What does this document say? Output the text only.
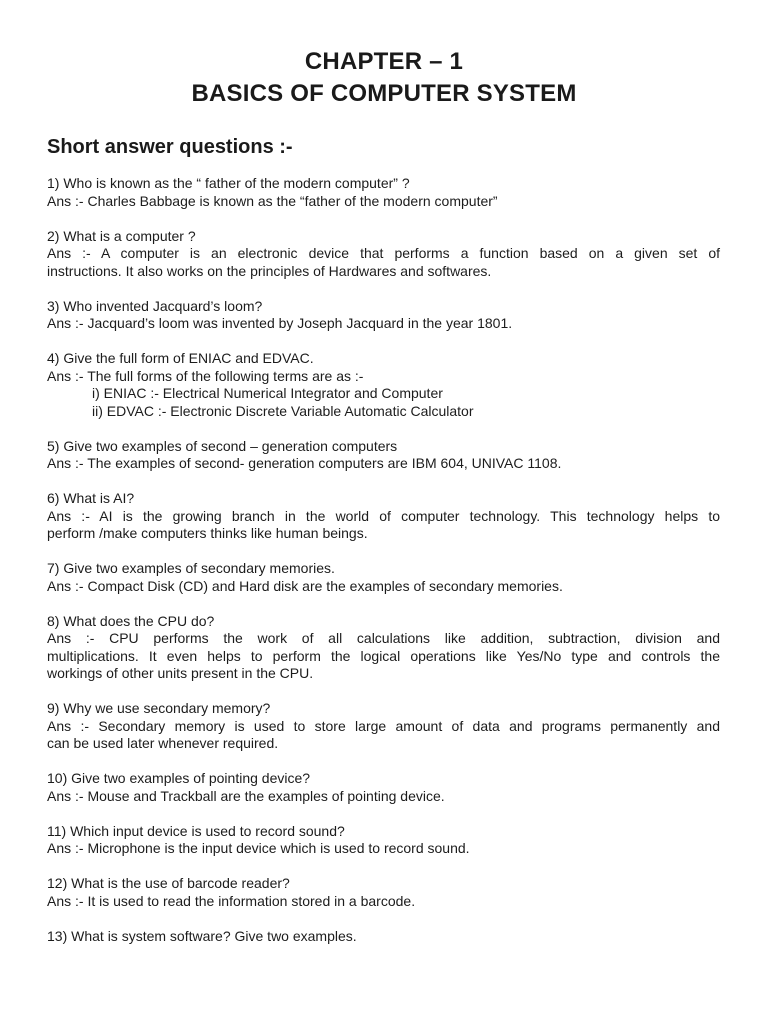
CHAPTER – 1
BASICS OF COMPUTER SYSTEM
Short answer questions :-
1) Who is known as the “ father of the modern computer” ?
Ans :- Charles Babbage is known as the “father of the modern computer”
2) What is a computer ?
Ans :- A computer is an electronic device that performs a function based on a given set of
instructions. It also works on the principles of Hardwares and softwares.
3) Who invented Jacquard’s loom?
Ans :- Jacquard’s loom was invented by Joseph Jacquard in the year 1801.
4) Give the full form of ENIAC and EDVAC.
Ans :- The full forms of the following terms are as :-
i) ENIAC :- Electrical Numerical Integrator and Computer
ii) EDVAC :- Electronic Discrete Variable Automatic Calculator
5) Give two examples of second – generation computers
Ans :- The examples of second- generation computers are IBM 604, UNIVAC 1108.
6) What is AI?
Ans :- AI is the growing branch in the world of computer technology. This technology helps to
perform /make computers thinks like human beings.
7) Give two examples of secondary memories.
Ans :- Compact Disk (CD) and Hard disk are the examples of secondary memories.
8) What does the CPU do?
Ans :- CPU performs the work of all calculations like addition, subtraction, division and
multiplications. It even helps to perform the logical operations like Yes/No type and controls the
workings of other units present in the CPU.
9) Why we use secondary memory?
Ans :- Secondary memory is used to store large amount of data and programs permanently and
can be used later whenever required.
10) Give two examples of pointing device?
Ans :- Mouse and Trackball are the examples of pointing device.
11) Which input device is used to record sound?
Ans :- Microphone is the input device which is used to record sound.
12) What is the use of barcode reader?
Ans :- It is used to read the information stored in a barcode.
13) What is system software? Give two examples.
